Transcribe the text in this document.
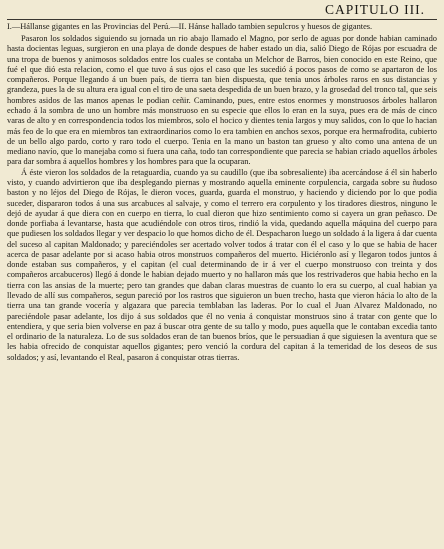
CAPITULO III.

I.—Hállanse gigantes en las Provincias del Perú.—II. Hánse hallado tambien sepulcros y huesos de gigantes.

Pasaron los soldados siguiendo su jornada un rio abajo llamado el Magno, por serlo de aguas por donde habian caminado hasta docientas leguas, surgieron en una playa de donde despues de haber estado un dia, salió Diego de Rójas por escuadra de una tropa de buenos y animosos soldados entre los cuales se contaba un Melchor de Barros, bien conocido en este Reino, que fué el que dió esta relacion, como el que tuvo á sus ojos el caso que les sucedió á pocos pasos de como se apartaron de los compañeros. Porque llegando á un buen país, de tierra tan bien dispuesta, que tenia unos árboles raros en sus distancias y grandeza, pues la de su altura era igual con el tiro de una saeta despedida de un buen brazo, y la grosedad del tronco tal, que seis hombres asidos de las manos apenas le podian ceñir. Caminando, pues, entre estos enormes y monstruosos árboles hallaron echado á la sombra de uno un hombre más monstruoso en su especie que ellos lo eran en la suya, pues era de más de cinco varas de alto y en correspondencia todos los miembros, solo el hocico y dientes tenia largos y muy salidos, con lo que lo hacian más feo de lo que era en miembros tan extraordinarios como lo era tambien en anchos sexos, porque era hermafrodita, cubierto de un bello algo pardo, corto y raro todo el cuerpo. Tenia en la mano un baston tan grueso y alto como una antena de un mediano navío, que lo manejaba como si fuera una caña, todo tan correspondiente que parecia se habian criado aquellos árboles para dar sombra á aquellos hombres y los hombres para que la ocuparan.

Á éste vieron los soldados de la retaguardia, cuando ya su caudillo (que iba sobresaliente) iba acercándose á él sin haberlo visto, y cuando advirtieron que iba desplegando piernas y mostrando aquella eminente corpulencia, cargada sobre su ñudoso baston y no léjos del Diego de Rójas, le dieron voces, guarda, guarda el monstruo, y haciendo y diciendo por lo que podia suceder, dispararon todos á una sus arcabuces al salvaje, y como el terrero era corpulento y los tiradores diestros, ninguno le dejó de ayudar á que diera con en cuerpo en tierra, lo cual dieron que hizo sentimiento como si cayera un gran peñasco. De donde porfiaba á levantarse, hasta que acudiéndole con otros tiros, rindió la vida, quedando aquella máquina del cuerpo para que pudiesen los soldados llegar y ver despacio lo que homos dicho de él. Despacharon luego un soldado á la ligera á dar cuenta del suceso al capitan Maldonado; y pareciéndoles ser acertado volver todos á tratar con él el caso y lo que se habia de hacer acerca de pasar adelante por si acaso habia otros monstruos compañeros del muerto. Hiciéronlo así y llegaron todos juntos á donde estaban sus compañeros, y el capitan (el cual determinando de ir á ver el cuerpo monstruoso con treinta y dos compañeros arcabuceros) llegó á donde le habian dejado muerto y no hallaron más que los restrivaderos que habia hecho en la tierra con las ansias de la muerte; pero tan grandes que daban claras muestras de cuanto lo era su cuerpo, al cual habian ya llevado de allí sus compañeros, segun pareció por los rastros que siguieron un buen trecho, hasta que vieron hácia lo alto de la tierra una tan grande vocería y algazara que parecia temblaban las laderas. Por lo cual el Juan Alvarez Maldonado, no pareciéndole pasar adelante, los dijo á sus soldados que él no venia á conquistar monstruos sino á tratar con gente que lo entendiera, y que seria bien volverse en paz á buscar otra gente de su tallo y modo, pues aquella que le contaban excedia tanto el ordinario de la naturaleza. Lo de sus soldados eran de tan buenos bríos, que le persuadian á que siguiesen la aventura que se les habia ofrecido de conquistar aquellos gigantes; pero venció la cordura del capitan á la temeridad de los deseos de sus soldados; y así, levantando el Real, pasaron á conquistar otras tierras.
